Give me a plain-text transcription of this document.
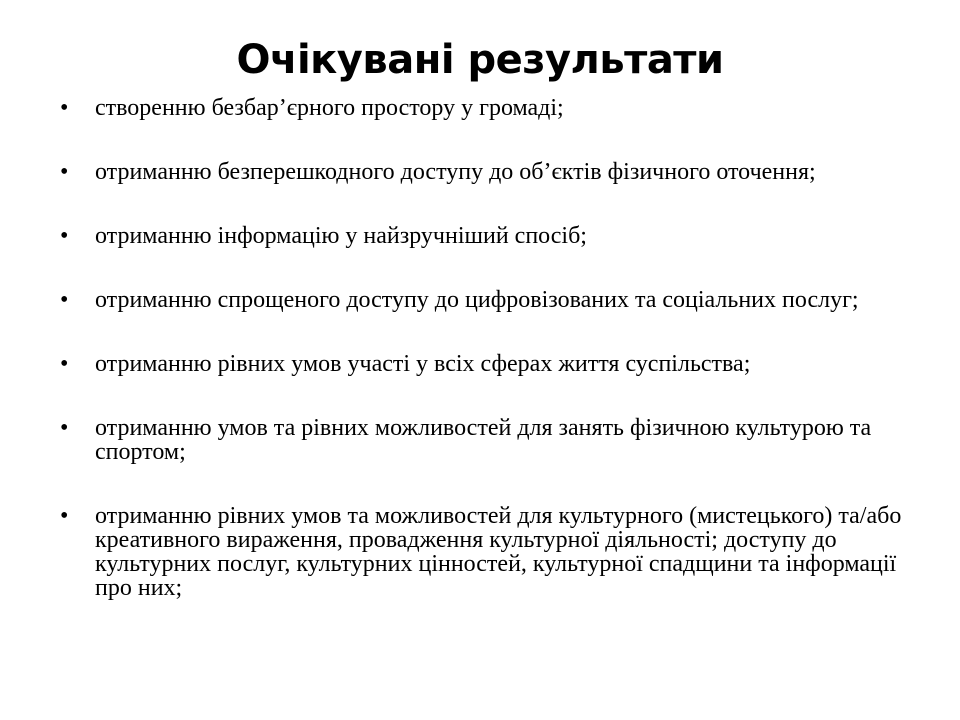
Очікувані результати
•	створенню безбар’єрного простору у громаді;
•	отриманню безперешкодного доступу до об’єктів фізичного оточення;
•	отриманню інформацію у найзручніший спосіб;
•	отриманню спрощеного доступу до цифровізованих та соціальних послуг;
•	отриманню рівних умов участі у всіх сферах життя суспільства;
•	отриманню умов та рівних можливостей для занять фізичною культурою та спортом;
•	отриманню рівних умов та можливостей для культурного (мистецького) та/або креативного вираження, провадження культурної діяльності; доступу до культурних послуг, культурних цінностей, культурної спадщини та інформації про них;
